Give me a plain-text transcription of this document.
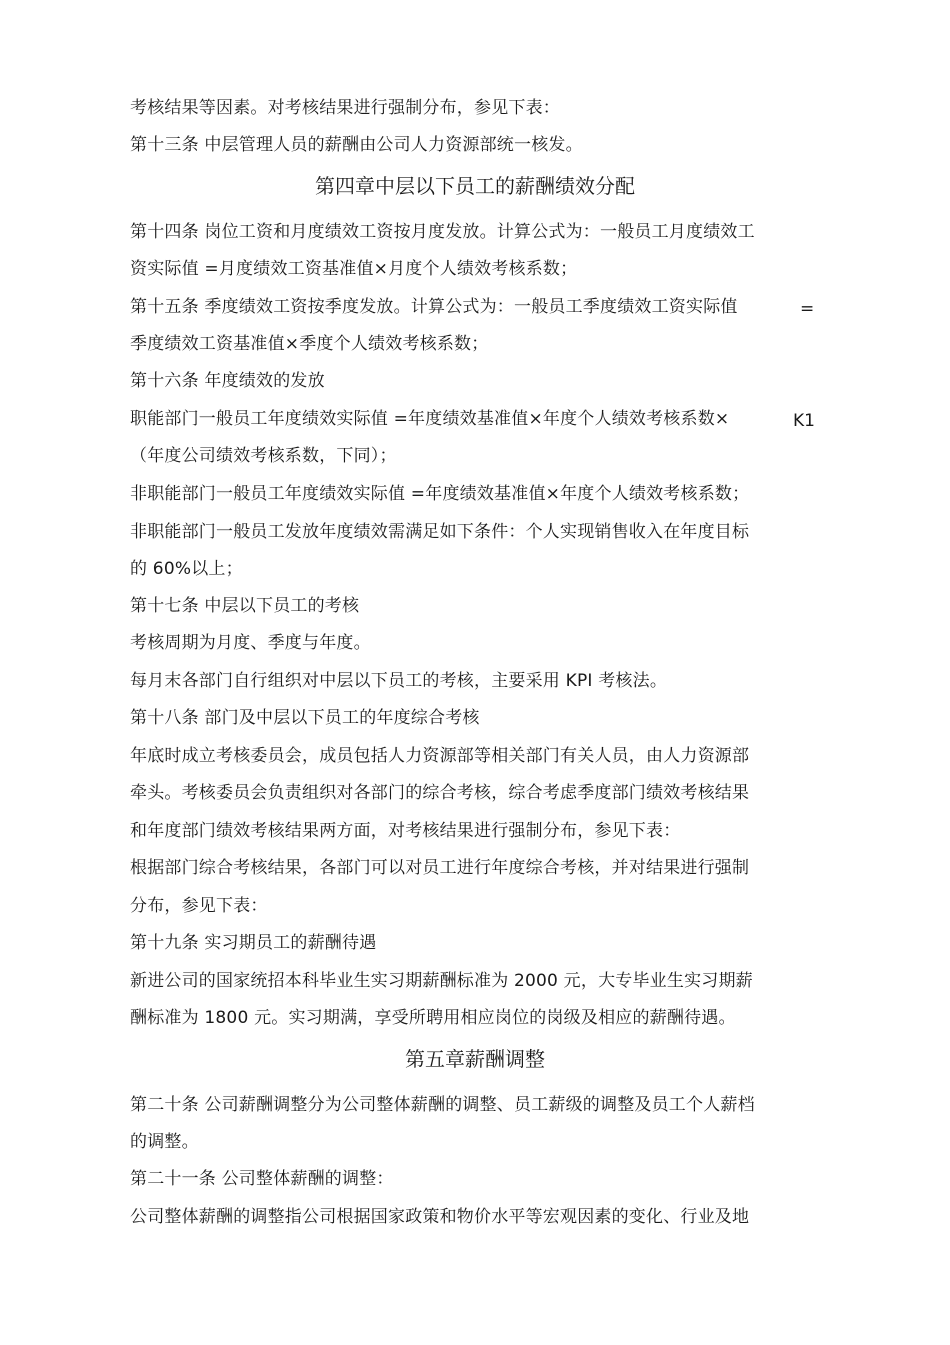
考核结果等因素。对考核结果进行强制分布，参见下表：

第十三条 中层管理人员的薪酬由公司人力资源部统一核发。

第四章中层以下员工的薪酬绩效分配

第十四条 岗位工资和月度绩效工资按月度发放。计算公式为：一般员工月度绩效工

资实际值 =月度绩效工资基准值×月度个人绩效考核系数；

第十五条 季度绩效工资按季度发放。计算公式为：一般员工季度绩效工资实际值	=

季度绩效工资基准值×季度个人绩效考核系数；

第十六条 年度绩效的发放

职能部门一般员工年度绩效实际值 =年度绩效基准值×年度个人绩效考核系数×	K1

（年度公司绩效考核系数，下同）；

非职能部门一般员工年度绩效实际值 =年度绩效基准值×年度个人绩效考核系数；

非职能部门一般员工发放年度绩效需满足如下条件：个人实现销售收入在年度目标

的 60%以上；

第十七条 中层以下员工的考核

考核周期为月度、季度与年度。

每月末各部门自行组织对中层以下员工的考核，主要采用 KPI 考核法。

第十八条 部门及中层以下员工的年度综合考核

年底时成立考核委员会，成员包括人力资源部等相关部门有关人员，由人力资源部

牵头。考核委员会负责组织对各部门的综合考核，综合考虑季度部门绩效考核结果

和年度部门绩效考核结果两方面，对考核结果进行强制分布，参见下表：

根据部门综合考核结果，各部门可以对员工进行年度综合考核，并对结果进行强制

分布，参见下表：

第十九条 实习期员工的薪酬待遇

新进公司的国家统招本科毕业生实习期薪酬标准为 2000 元，大专毕业生实习期薪

酬标准为 1800 元。实习期满，享受所聘用相应岗位的岗级及相应的薪酬待遇。

第五章薪酬调整

第二十条 公司薪酬调整分为公司整体薪酬的调整、员工薪级的调整及员工个人薪档

的调整。

第二十一条 公司整体薪酬的调整：

公司整体薪酬的调整指公司根据国家政策和物价水平等宏观因素的变化、行业及地
